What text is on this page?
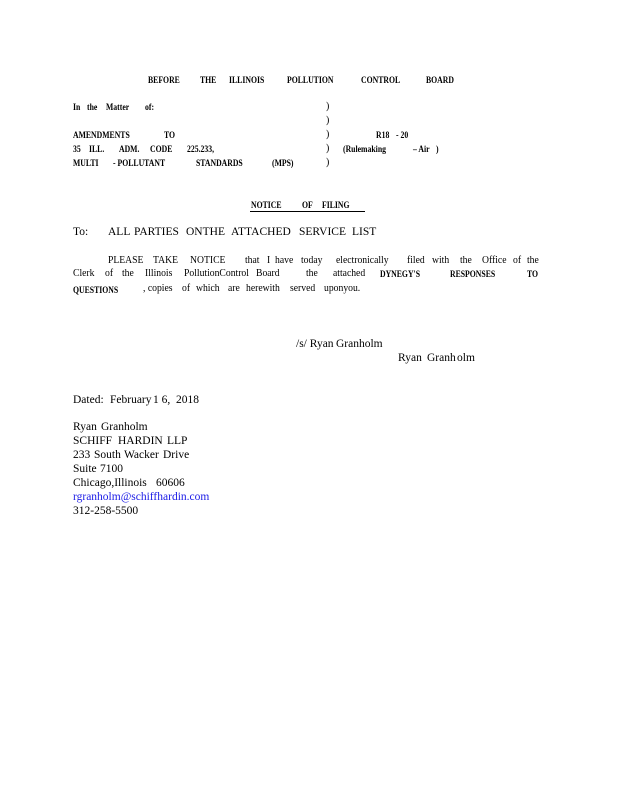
BEFORE THE ILLINOIS	POLLUTION	CONTROL	BOARD
In the Matter of:	)
)
)
)
)
AMENDMENTS	TO	R18 - 20
35 ILL. ADM. CODE 225.233,	(Rulemaking	– Air )
MULTI - POLLUTANT	STANDARDS	(MPS)
NOTICE OF FILING
To: ALL PARTIES ONTHE ATTACHED SERVICE LIST
PLEASE TAKE NOTICE that I have today electronically filed with the Office of the
Clerk of the Illinois PollutionControl Board	the attached DYNEGY'S	RESPONSES	TO
QUESTIONS , copies of which are herewith served uponyou.
/s/ Ryan Granholm
Ryan Granh olm
Dated: February 1 6, 2018
Ryan Granholm
SCHIFF HARDIN LLP
233 South Wacker Drive
Suite 7100
Chicago,Illinois 60606
rgranholm@schiffhardin.com
312-258-5500
